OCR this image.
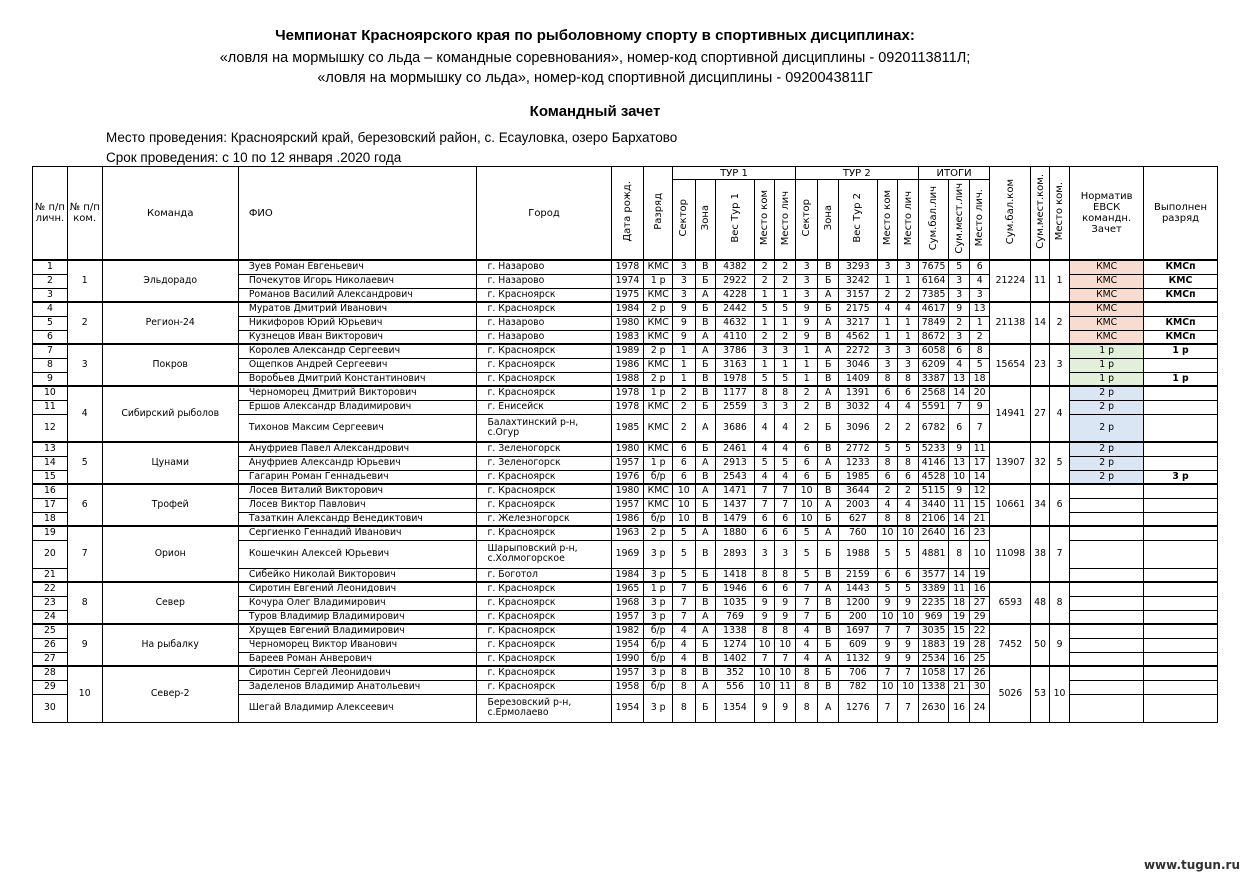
Чемпионат Красноярского края по рыболовному спорту в спортивных дисциплинах:

«ловля на мормышку со льда – командные соревнования», номер-код спортивной дисциплины - 0920113811Л;

«ловля на мормышку со льда», номер-код спортивной дисциплины - 0920043811Г

Командный зачет
Место проведения: Красноярский край, березовский район, с. Есауловка, озеро Бархатово
Срок проведения: с 10 по 12 января .2020 года
№ п/п личн.	№ п/п ком.	Команда	ФИО	Город	Дата рожд.	Разряд	ТУР 1					ТУР 2					ИТОГИ			Сум.бал.ком	Сум.мест.ком.	Место ком.	Норматив ЕВСК командн. Зачет	Выполнен разряд
							Сектор	Зона	Вес Тур 1	Место ком	Место лич	Сектор	Зона	Вес Тур 2	Место ком	Место лич	Сум.бал.лич	Сум.мест.лич	Место лич.					
1	1	Эльдорадо	Зуев Роман Евгеньевич	г. Назарово	1978	КМС	3	В	4382	2	2	3	В	3293	3	3	7675	5	6	21224	11	1	КМС	КМСп
2			Почекутов Игорь Николаевич	г. Назарово	1974	1 р	3	Б	2922	2	2	3	Б	3242	1	1	6164	3	4				КМС	КМС
3			Романов Василий Александрович	г. Красноярск	1975	КМС	3	А	4228	1	1	3	А	3157	2	2	7385	3	3				КМС	КМСп
4	2	Регион-24	Муратов Дмитрий Иванович	г. Красноярск	1984	2 р	9	Б	2442	5	5	9	Б	2175	4	4	4617	9	13	21138	14	2	КМС	
5			Никифоров Юрий Юрьевич	г. Назарово	1980	КМС	9	В	4632	1	1	9	А	3217	1	1	7849	2	1				КМС	КМСп
6			Кузнецов Иван Викторович	г. Назарово	1983	КМС	9	А	4110	2	2	9	В	4562	1	1	8672	3	2				КМС	КМСп
7	3	Покров	Королев Александр Сергеевич	г. Красноярск	1989	2 р	1	А	3786	3	3	1	А	2272	3	3	6058	6	8	15654	23	3	1 р	1 р
8			Ощепков Андрей Сергеевич	г. Красноярск	1986	КМС	1	Б	3163	1	1	1	Б	3046	3	3	6209	4	5				1 р	
9			Воробьев Дмитрий Константинович	г. Красноярск	1988	2 р	1	В	1978	5	5	1	В	1409	8	8	3387	13	18				1 р	1 р
10	4	Сибирский рыболов	Черноморец Дмитрий Викторович	г. Красноярск	1978	1 р	2	В	1177	8	8	2	А	1391	6	6	2568	14	20	14941	27	4	2 р	
11			Ершов Александр Владимирович	г. Енисейск	1978	КМС	2	Б	2559	3	3	2	В	3032	4	4	5591	7	9				2 р	
12			Тихонов Максим Сергеевич	Балахтинский р-н, с.Огур	1985	КМС	2	А	3686	4	4	2	Б	3096	2	2	6782	6	7				2 р	
13	5	Цунами	Ануфриев Павел Александрович	г. Зеленогорск	1980	КМС	6	Б	2461	4	4	6	В	2772	5	5	5233	9	11	13907	32	5	2 р	
14			Ануфриев Александр Юрьевич	г. Зеленогорск	1957	1 р	6	А	2913	5	5	6	А	1233	8	8	4146	13	17				2 р	
15			Гагарин Роман Геннадьевич	г. Красноярск	1976	б/р	6	В	2543	4	4	6	Б	1985	6	6	4528	10	14				2 р	3 р
16	6	Трофей	Лосев Виталий Викторович	г. Красноярск	1980	КМС	10	А	1471	7	7	10	В	3644	2	2	5115	9	12	10661	34	6		
17			Лосев Виктор Павлович	г. Красноярск	1957	КМС	10	Б	1437	7	7	10	А	2003	4	4	3440	11	15					
18			Тазаткин Александр Венедиктович	г. Железногорск	1986	б/р	10	В	1479	6	6	10	Б	627	8	8	2106	14	21					
19	7	Орион	Сергиенко Геннадий Иванович	г. Красноярск	1963	2 р	5	А	1880	6	6	5	А	760	10	10	2640	16	23	11098	38	7		
20			Кошечкин Алексей Юрьевич	Шарыповский р-н, с.Холмогорское	1969	3 р	5	В	2893	3	3	5	Б	1988	5	5	4881	8	10					
21			Сибейко Николай Викторович	г. Боготол	1984	3 р	5	Б	1418	8	8	5	В	2159	6	6	3577	14	19					
22	8	Север	Сиротин Евгений Леонидович	г. Красноярск	1965	1 р	7	Б	1946	6	6	7	А	1443	5	5	3389	11	16	6593	48	8		
23			Кочура Олег Владимирович	г. Красноярск	1968	3 р	7	В	1035	9	9	7	В	1200	9	9	2235	18	27					
24			Туров Владимир Владимирович	г. Красноярск	1957	3 р	7	А	769	9	9	7	Б	200	10	10	969	19	29					
25	9	На рыбалку	Хрущев Евгений Владимирович	г. Красноярск	1982	б/р	4	А	1338	8	8	4	В	1697	7	7	3035	15	22	7452	50	9		
26			Черноморец Виктор Иванович	г. Красноярск	1954	б/р	4	Б	1274	10	10	4	Б	609	9	9	1883	19	28					
27			Бареев Роман Анверович	г. Красноярск	1990	б/р	4	В	1402	7	7	4	А	1132	9	9	2534	16	25					
28	10	Север-2	Сиротин Сергей Леонидович	г. Красноярск	1957	3 р	8	В	352	10	10	8	Б	706	7	7	1058	17	26	5026	53	10		
29			Заделенов Владимир Анатольевич	г. Красноярск	1958	б/р	8	А	556	10	11	8	В	782	10	10	1338	21	30					
30			Шегай Владимир Алексеевич	Березовский р-н, с.Ермолаево	1954	3 р	8	Б	1354	9	9	8	А	1276	7	7	2630	16	24					
www.tugun.ru
